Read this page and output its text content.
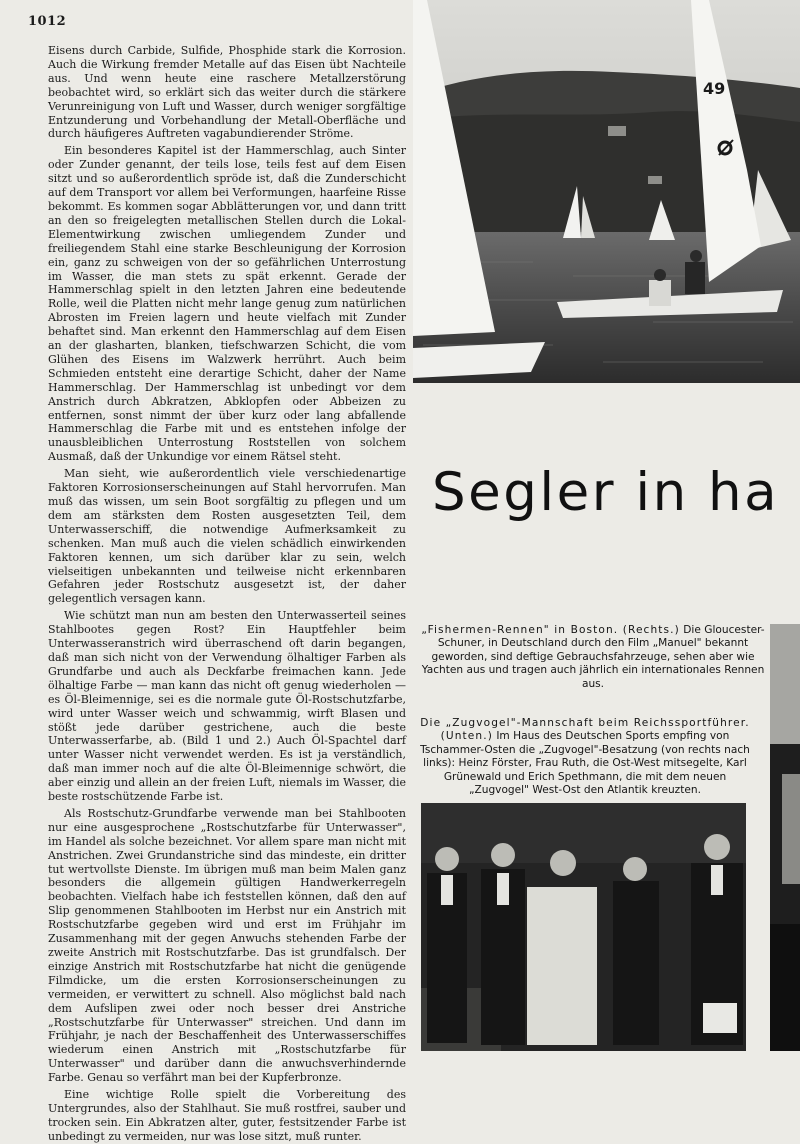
1012

Eisens durch Carbide, Sulfide, Phosphide stark die Korrosion. Auch die Wirkung fremder Metalle auf das Eisen übt Nachteile aus. Und wenn heute eine raschere Metallzerstörung beobachtet wird, so erklärt sich das weiter durch die stärkere Verunreinigung von Luft und Wasser, durch weniger sorgfältige Entzunderung und Vorbehandlung der Metall-Oberfläche und durch häufigeres Auftreten vagabundierender Ströme.

Ein besonderes Kapitel ist der Hammerschlag, auch Sinter oder Zunder genannt, der teils lose, teils fest auf dem Eisen sitzt und so außerordentlich spröde ist, daß die Zunderschicht auf dem Transport vor allem bei Verformungen, haarfeine Risse bekommt. Es kommen sogar Abblätterungen vor, und dann tritt an den so freigelegten metallischen Stellen durch die Lokal-Elementwirkung zwischen umliegendem Zunder und freiliegendem Stahl eine starke Beschleunigung der Korrosion ein, ganz zu schweigen von der so gefährlichen Unterrostung im Wasser, die man stets zu spät erkennt. Gerade der Hammerschlag spielt in den letzten Jahren eine bedeutende Rolle, weil die Platten nicht mehr lange genug zum natürlichen Abrosten im Freien lagern und heute vielfach mit Zunder behaftet sind. Man erkennt den Hammerschlag auf dem Eisen an der glasharten, blanken, tiefschwarzen Schicht, die vom Glühen des Eisens im Walzwerk herrührt. Auch beim Schmieden entsteht eine derartige Schicht, daher der Name Hammerschlag. Der Hammerschlag ist unbedingt vor dem Anstrich durch Abkratzen, Abklopfen oder Abbeizen zu entfernen, sonst nimmt der über kurz oder lang abfallende Hammerschlag die Farbe mit und es entstehen infolge der unausbleiblichen Unterrostung Roststellen von solchem Ausmaß, daß der Unkundige vor einem Rätsel steht.

Man sieht, wie außerordentlich viele verschiedenartige Faktoren Korrosionserscheinungen auf Stahl hervorrufen. Man muß das wissen, um sein Boot sorgfältig zu pflegen und um dem am stärksten dem Rosten ausgesetzten Teil, dem Unterwasserschiff, die notwendige Aufmerksamkeit zu schenken. Man muß auch die vielen schädlich einwirkenden Faktoren kennen, um sich darüber klar zu sein, welch vielseitigen unbekannten und teilweise nicht erkennbaren Gefahren jeder Rostschutz ausgesetzt ist, der daher gelegentlich versagen kann.

Wie schützt man nun am besten den Unterwasserteil seines Stahlbootes gegen Rost? Ein Hauptfehler beim Unterwasseranstrich wird überraschend oft darin begangen, daß man sich nicht von der Verwendung ölhaltiger Farben als Grundfarbe und auch als Deckfarbe freimachen kann. Jede ölhaltige Farbe — man kann das nicht oft genug wiederholen — es Öl-Bleimennige, sei es die normale gute Öl-Rostschutzfarbe, wird unter Wasser weich und schwammig, wirft Blasen und stößt jede darüber gestrichene, auch die beste Unterwasserfarbe, ab. (Bild 1 und 2.) Auch Öl-Spachtel darf unter Wasser nicht verwendet werden. Es ist ja verständlich, daß man immer noch auf die alte Öl-Bleimennige schwört, die aber einzig und allein an der freien Luft, niemals im Wasser, die beste rostschützende Farbe ist.

Als Rostschutz-Grundfarbe verwende man bei Stahlbooten nur eine ausgesprochene „Rostschutzfarbe für Unterwasser", im Handel als solche bezeichnet. Vor allem spare man nicht mit Anstrichen. Zwei Grundanstriche sind das mindeste, ein dritter tut wertvollste Dienste. Im übrigen muß man beim Malen ganz besonders die allgemein gültigen Handwerkerregeln beobachten. Vielfach habe ich feststellen können, daß den auf Slip genommenen Stahlbooten im Herbst nur ein Anstrich mit Rostschutzfarbe gegeben wird und erst im Frühjahr im Zusammenhang mit der gegen Anwuchs stehenden Farbe der zweite Anstrich mit Rostschutzfarbe. Das ist grundfalsch. Der einzige Anstrich mit Rostschutzfarbe hat nicht die genügende Filmdicke, um die ersten Korrosionserscheinungen zu vermeiden, er verwittert zu schnell. Also möglichst bald nach dem Aufslipen zwei oder noch besser drei Anstriche „Rostschutzfarbe für Unterwasser" streichen. Und dann im Frühjahr, je nach der Beschaffenheit des Unterwasserschiffes wiederum einen Anstrich mit „Rostschutzfarbe für Unterwasser" und darüber dann die anwuchsverhindernde Farbe. Genau so verfährt man bei der Kupferbronze.

Eine wichtige Rolle spielt die Vorbereitung des Untergrundes, also der Stahlhaut. Sie muß rostfrei, sauber und trocken sein. Ein Abkratzen alter, guter, festsitzender Farbe ist unbedingt zu vermeiden, nur was lose sitzt, muß runter.

49
Segler in ha
„Fishermen-Rennen" in Boston. (Rechts.) Die Gloucester-Schuner, in Deutschland durch den Film „Manuel" bekannt geworden, sind deftige Gebrauchsfahrzeuge, sehen aber wie Yachten aus und tragen auch jährlich ein internationales Rennen aus.
Die „Zugvogel"-Mannschaft beim Reichssportführer. (Unten.) Im Haus des Deutschen Sports empfing von Tschammer-Osten die „Zugvogel"-Besatzung (von rechts nach links): Heinz Förster, Frau Ruth, die Ost-West mitsegelte, Karl Grünewald und Erich Spethmann, die mit dem neuen „Zugvogel" West-Ost den Atlantik kreuzten.
